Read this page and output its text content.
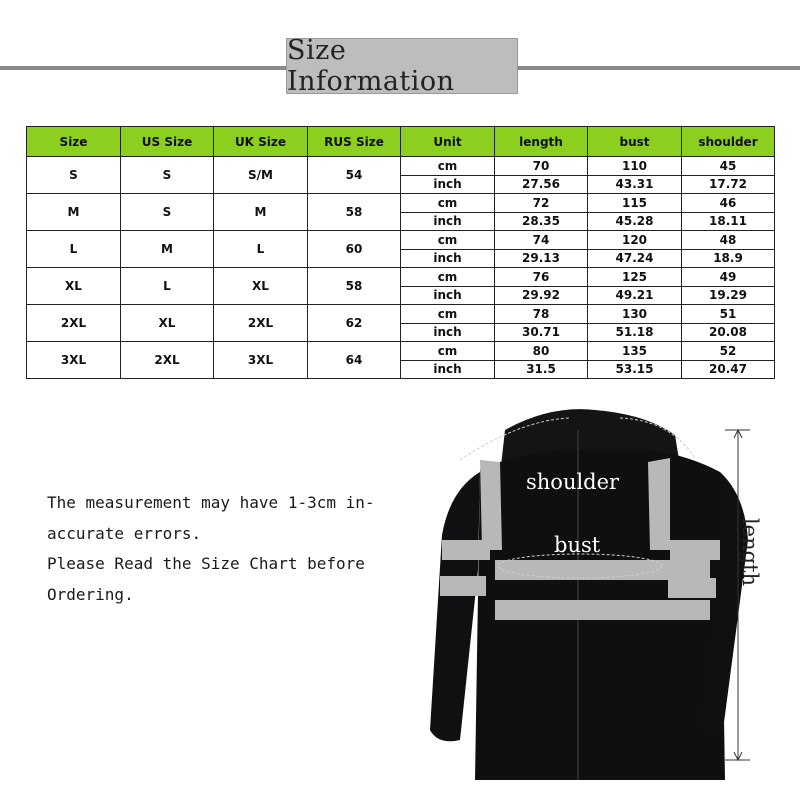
Size Information
Size	US Size	UK Size	RUS Size	Unit	length	bust	shoulder
S	S	S/M	54	cm	70	110	45
				inch	27.56	43.31	17.72
M	S	M	58	cm	72	115	46
				inch	28.35	45.28	18.11
L	M	L	60	cm	74	120	48
				inch	29.13	47.24	18.9
XL	L	XL	58	cm	76	125	49
				inch	29.92	49.21	19.29
2XL	XL	2XL	62	cm	78	130	51
				inch	30.71	51.18	20.08
3XL	2XL	3XL	64	cm	80	135	52
				inch	31.5	53.15	20.47
The measurement may have 1-3cm in-
accurate errors.
Please Read the Size Chart before
Ordering.
shoulder
bust	length
